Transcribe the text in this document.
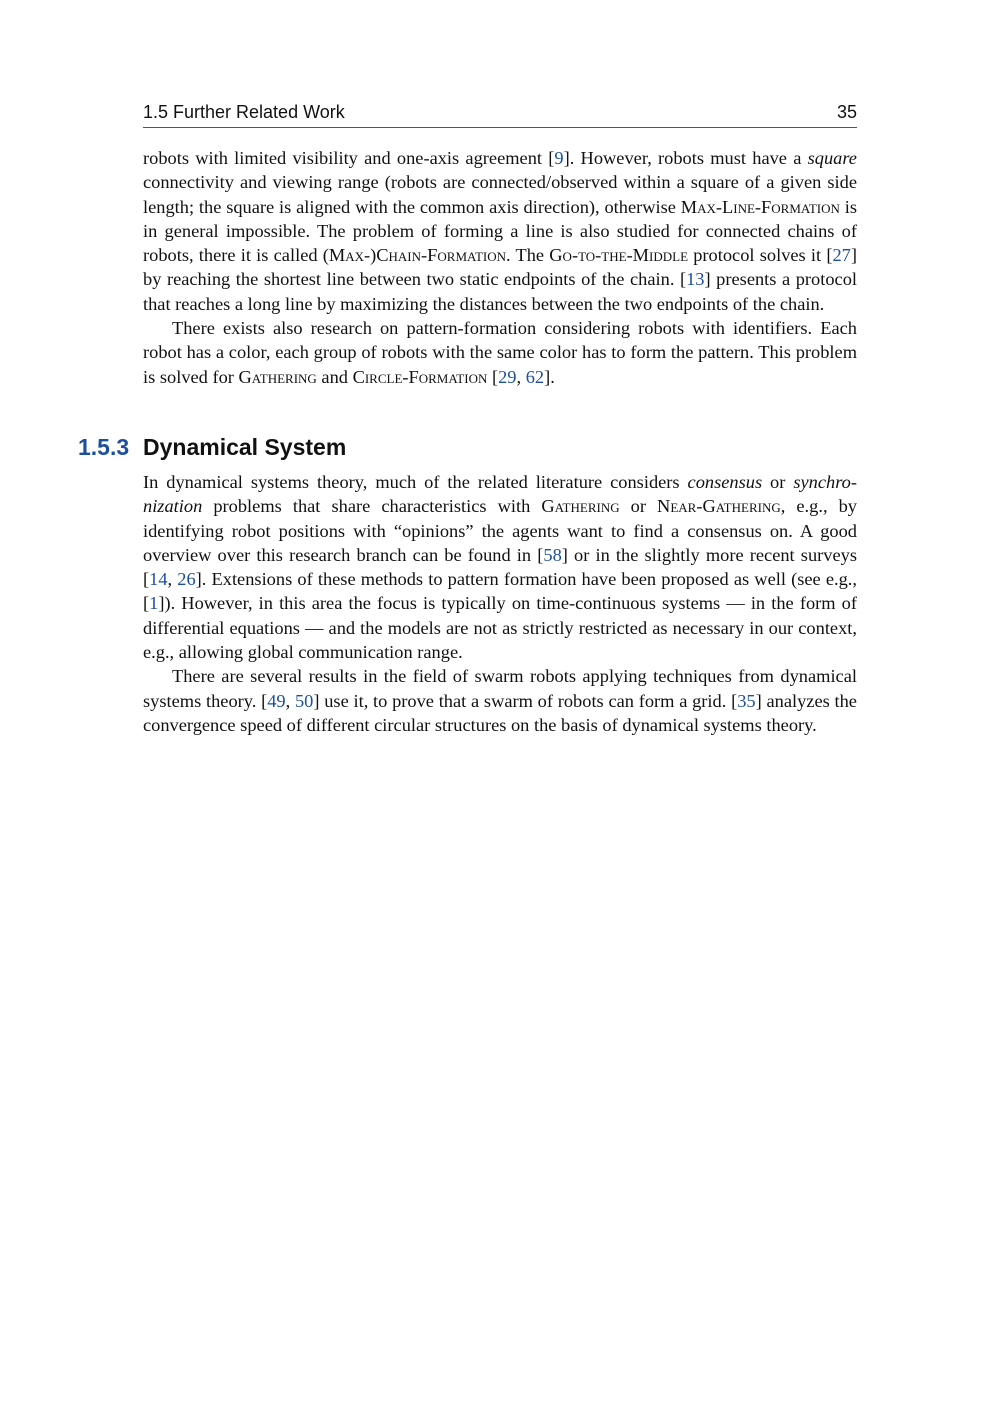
1.5 Further Related Work	35

robots with limited visibility and one-axis agreement [9]. However, robots must have a square connectivity and viewing range (robots are connected/observed within a square of a given side length; the square is aligned with the common axis direction), otherwise Max-Line-Formation is in general impossible. The problem of forming a line is also studied for connected chains of robots, there it is called (Max-)Chain-Formation. The Go-to-the-Middle protocol solves it [27] by reaching the shortest line between two static endpoints of the chain. [13] presents a protocol that reaches a long line by maximizing the distances between the two endpoints of the chain.

There exists also research on pattern-formation considering robots with identifiers. Each robot has a color, each group of robots with the same color has to form the pattern. This problem is solved for Gathering and Circle-Formation [29, 62].

1.5.3 Dynamical System

In dynamical systems theory, much of the related literature considers consensus or synchronization problems that share characteristics with Gathering or Near-Gathering, e.g., by identifying robot positions with “opinions” the agents want to find a consensus on. A good overview over this research branch can be found in [58] or in the slightly more recent surveys [14, 26]. Extensions of these methods to pattern formation have been proposed as well (see e.g., [1]). However, in this area the focus is typically on time-continuous systems — in the form of differential equations — and the models are not as strictly restricted as necessary in our context, e.g., allowing global communication range.

There are several results in the field of swarm robots applying techniques from dynamical systems theory. [49, 50] use it, to prove that a swarm of robots can form a grid. [35] analyzes the convergence speed of different circular structures on the basis of dynamical systems theory.
